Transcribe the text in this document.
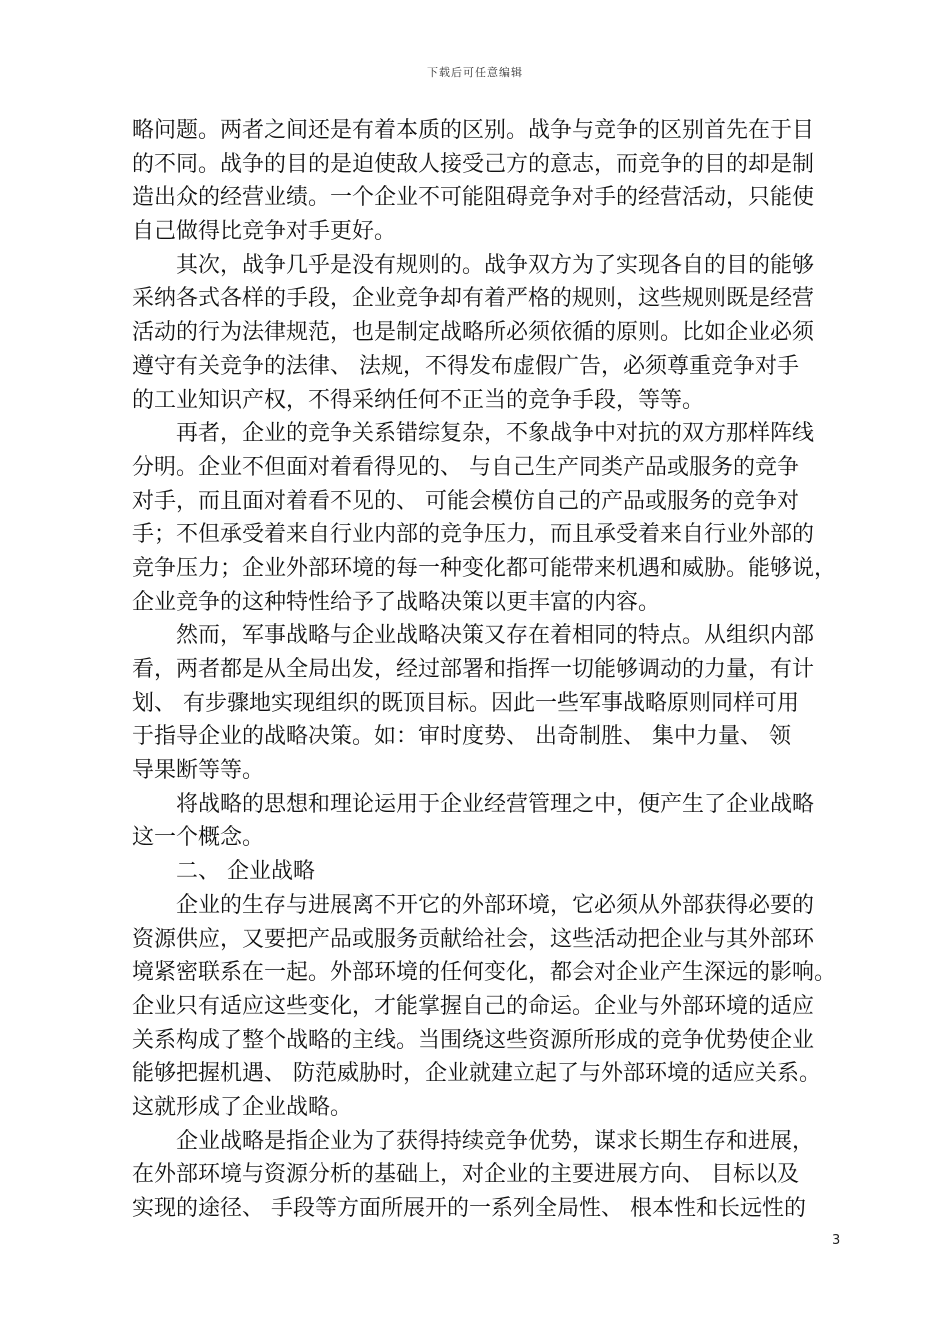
下载后可任意编辑
略问题。两者之间还是有着本质的区别。战争与竞争的区别首先在于目
的不同。战争的目的是迫使敌人接受己方的意志，而竞争的目的却是制
造出众的经营业绩。一个企业不可能阻碍竞争对手的经营活动，只能使
自己做得比竞争对手更好。
　　其次，战争几乎是没有规则的。战争双方为了实现各自的目的能够
采纳各式各样的手段，企业竞争却有着严格的规则，这些规则既是经营
活动的行为法律规范，也是制定战略所必须依循的原则。比如企业必须
遵守有关竞争的法律、 法规，不得发布虚假广告，必须尊重竞争对手
的工业知识产权，不得采纳任何不正当的竞争手段，等等。
　　再者，企业的竞争关系错综复杂，不象战争中对抗的双方那样阵线
分明。企业不但面对着看得见的、 与自己生产同类产品或服务的竞争
对手，而且面对着看不见的、 可能会模仿自己的产品或服务的竞争对
手；不但承受着来自行业内部的竞争压力，而且承受着来自行业外部的
竞争压力；企业外部环境的每一种变化都可能带来机遇和威胁。能够说，
企业竞争的这种特性给予了战略决策以更丰富的内容。
　　然而，军事战略与企业战略决策又存在着相同的特点。从组织内部
看，两者都是从全局出发，经过部署和指挥一切能够调动的力量，有计
划、 有步骤地实现组织的既顶目标。因此一些军事战略原则同样可用
于指导企业的战略决策。如：审时度势、 出奇制胜、 集中力量、 领
导果断等等。
　　将战略的思想和理论运用于企业经营管理之中，便产生了企业战略
这一个概念。
　　二、 企业战略
　　企业的生存与进展离不开它的外部环境，它必须从外部获得必要的
资源供应，又要把产品或服务贡献给社会，这些活动把企业与其外部环
境紧密联系在一起。外部环境的任何变化，都会对企业产生深远的影响。
企业只有适应这些变化，才能掌握自己的命运。企业与外部环境的适应
关系构成了整个战略的主线。当围绕这些资源所形成的竞争优势使企业
能够把握机遇、 防范威胁时，企业就建立起了与外部环境的适应关系。
这就形成了企业战略。
　　企业战略是指企业为了获得持续竞争优势，谋求长期生存和进展，
在外部环境与资源分析的基础上，对企业的主要进展方向、 目标以及
实现的途径、 手段等方面所展开的一系列全局性、 根本性和长远性的
3
